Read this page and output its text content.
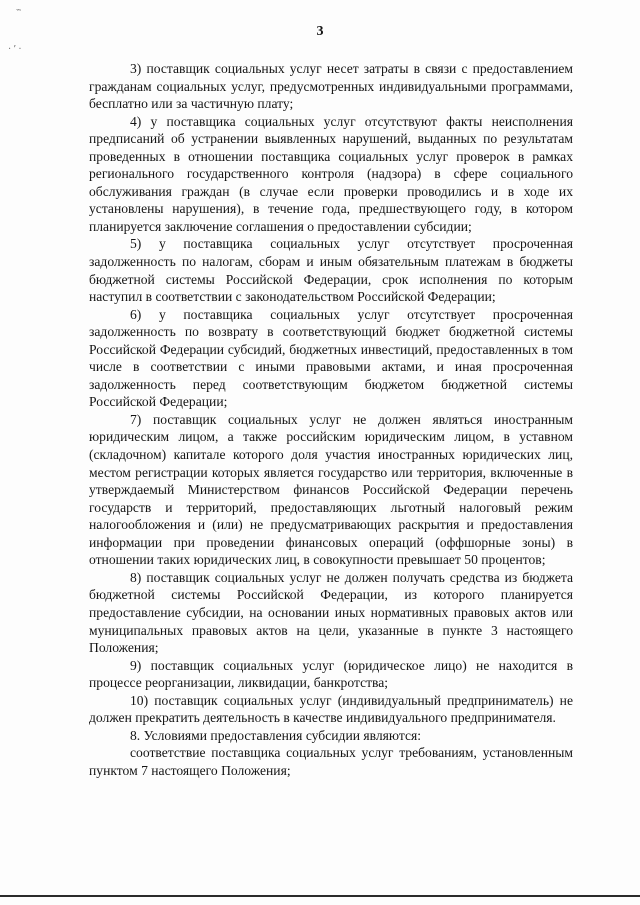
‷
·’·
3

3) поставщик социальных услуг несет затраты в связи с предоставлением гражданам социальных услуг, предусмотренных индивидуальными программами, бесплатно или за частичную плату;

4) у поставщика социальных услуг отсутствуют факты неисполнения предписаний об устранении выявленных нарушений, выданных по результатам проведенных в отношении поставщика социальных услуг проверок в рамках регионального государственного контроля (надзора) в сфере социального обслуживания граждан (в случае если проверки проводились и в ходе их установлены нарушения), в течение года, предшествующего году, в котором планируется заключение соглашения о предоставлении субсидии;

5) у поставщика социальных услуг отсутствует просроченная задолженность по налогам, сборам и иным обязательным платежам в бюджеты бюджетной системы Российской Федерации, срок исполнения по которым наступил в соответствии с законодательством Российской Федерации;

6) у поставщика социальных услуг отсутствует просроченная задолженность по возврату в соответствующий бюджет бюджетной системы Российской Федерации субсидий, бюджетных инвестиций, предоставленных в том числе в соответствии с иными правовыми актами, и иная просроченная задолженность перед соответствующим бюджетом бюджетной системы Российской Федерации;

7) поставщик социальных услуг не должен являться иностранным юридическим лицом, а также российским юридическим лицом, в уставном (складочном) капитале которого доля участия иностранных юридических лиц, местом регистрации которых является государство или территория, включенные в утверждаемый Министерством финансов Российской Федерации перечень государств и территорий, предоставляющих льготный налоговый режим налогообложения и (или) не предусматривающих раскрытия и предоставления информации при проведении финансовых операций (оффшорные зоны) в отношении таких юридических лиц, в совокупности превышает 50 процентов;

8) поставщик социальных услуг не должен получать средства из бюджета бюджетной системы Российской Федерации, из которого планируется предоставление субсидии, на основании иных нормативных правовых актов или муниципальных правовых актов на цели, указанные в пункте 3 настоящего Положения;

9) поставщик социальных услуг (юридическое лицо) не находится в процессе реорганизации, ликвидации, банкротства;

10) поставщик социальных услуг (индивидуальный предприниматель) не должен прекратить деятельность в качестве индивидуального предпринимателя.

8. Условиями предоставления субсидии являются:

соответствие поставщика социальных услуг требованиям, установленным пунктом 7 настоящего Положения;
